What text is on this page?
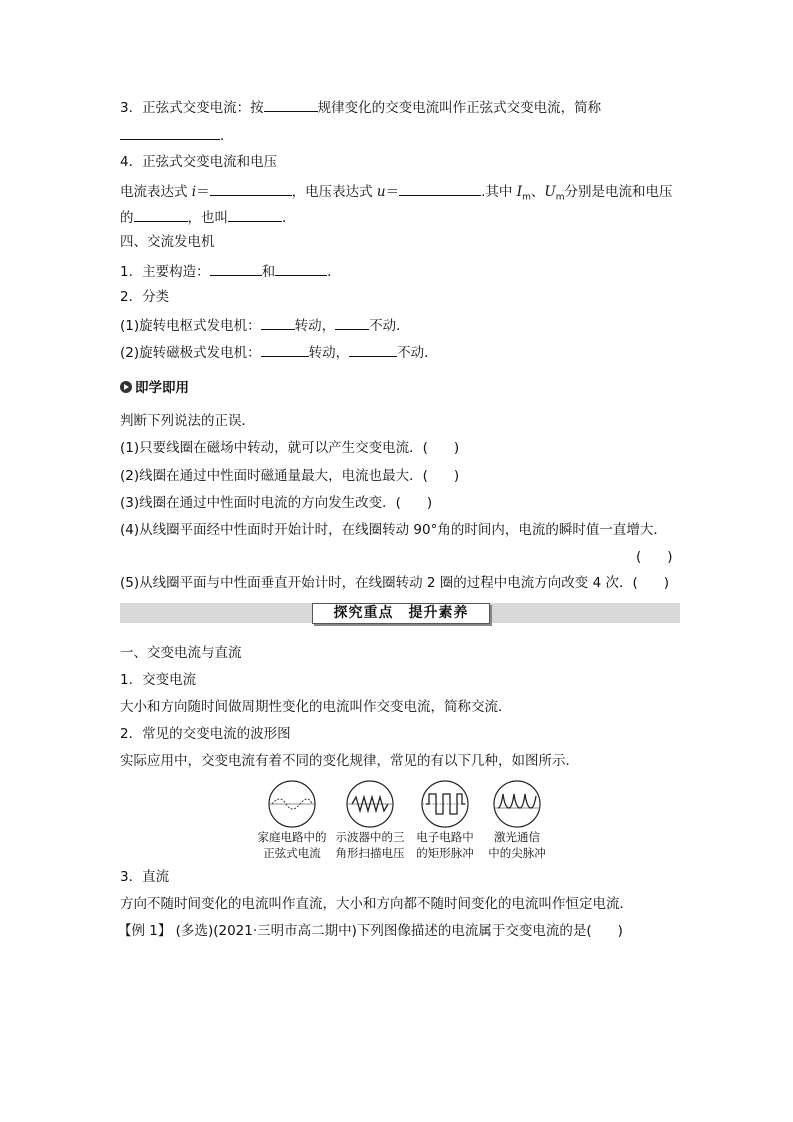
3．正弦式交变电流：按	规律变化的交变电流叫作正弦式交变电流，简称
．
4．正弦式交变电流和电压
电流表达式 i＝	，电压表达式 u＝	.其中 $I_m$、$U_m$分别是电流和电压
的	，也叫	．
四、交流发电机
1．主要构造：	和	．
2．分类
(1)旋转电枢式发电机：	转动，	不动．
(2)旋转磁极式发电机：	转动，	不动．
即学即用
判断下列说法的正误．
(1)只要线圈在磁场中转动，就可以产生交变电流．( )
(2)线圈在通过中性面时磁通量最大，电流也最大．( )
(3)线圈在通过中性面时电流的方向发生改变．( )
(4)从线圈平面经中性面时开始计时，在线圈转动 90°角的时间内，电流的瞬时值一直增大．
( )
(5)从线圈平面与中性面垂直开始计时，在线圈转动 2 圈的过程中电流方向改变 4 次．( )
探究重点　提升素养
一、交变电流与直流
1．交变电流
大小和方向随时间做周期性变化的电流叫作交变电流，简称交流．
2．常见的交变电流的波形图
实际应用中，交变电流有着不同的变化规律，常见的有以下几种，如图所示．
家庭电路中的
正弦式电流
示波器中的三
角形扫描电压
电子电路中
的矩形脉冲
激光通信
中的尖脉冲
3．直流
方向不随时间变化的电流叫作直流，大小和方向都不随时间变化的电流叫作恒定电流．
【例 1】 (多选)(2021·三明市高二期中)下列图像描述的电流属于交变电流的是( )
